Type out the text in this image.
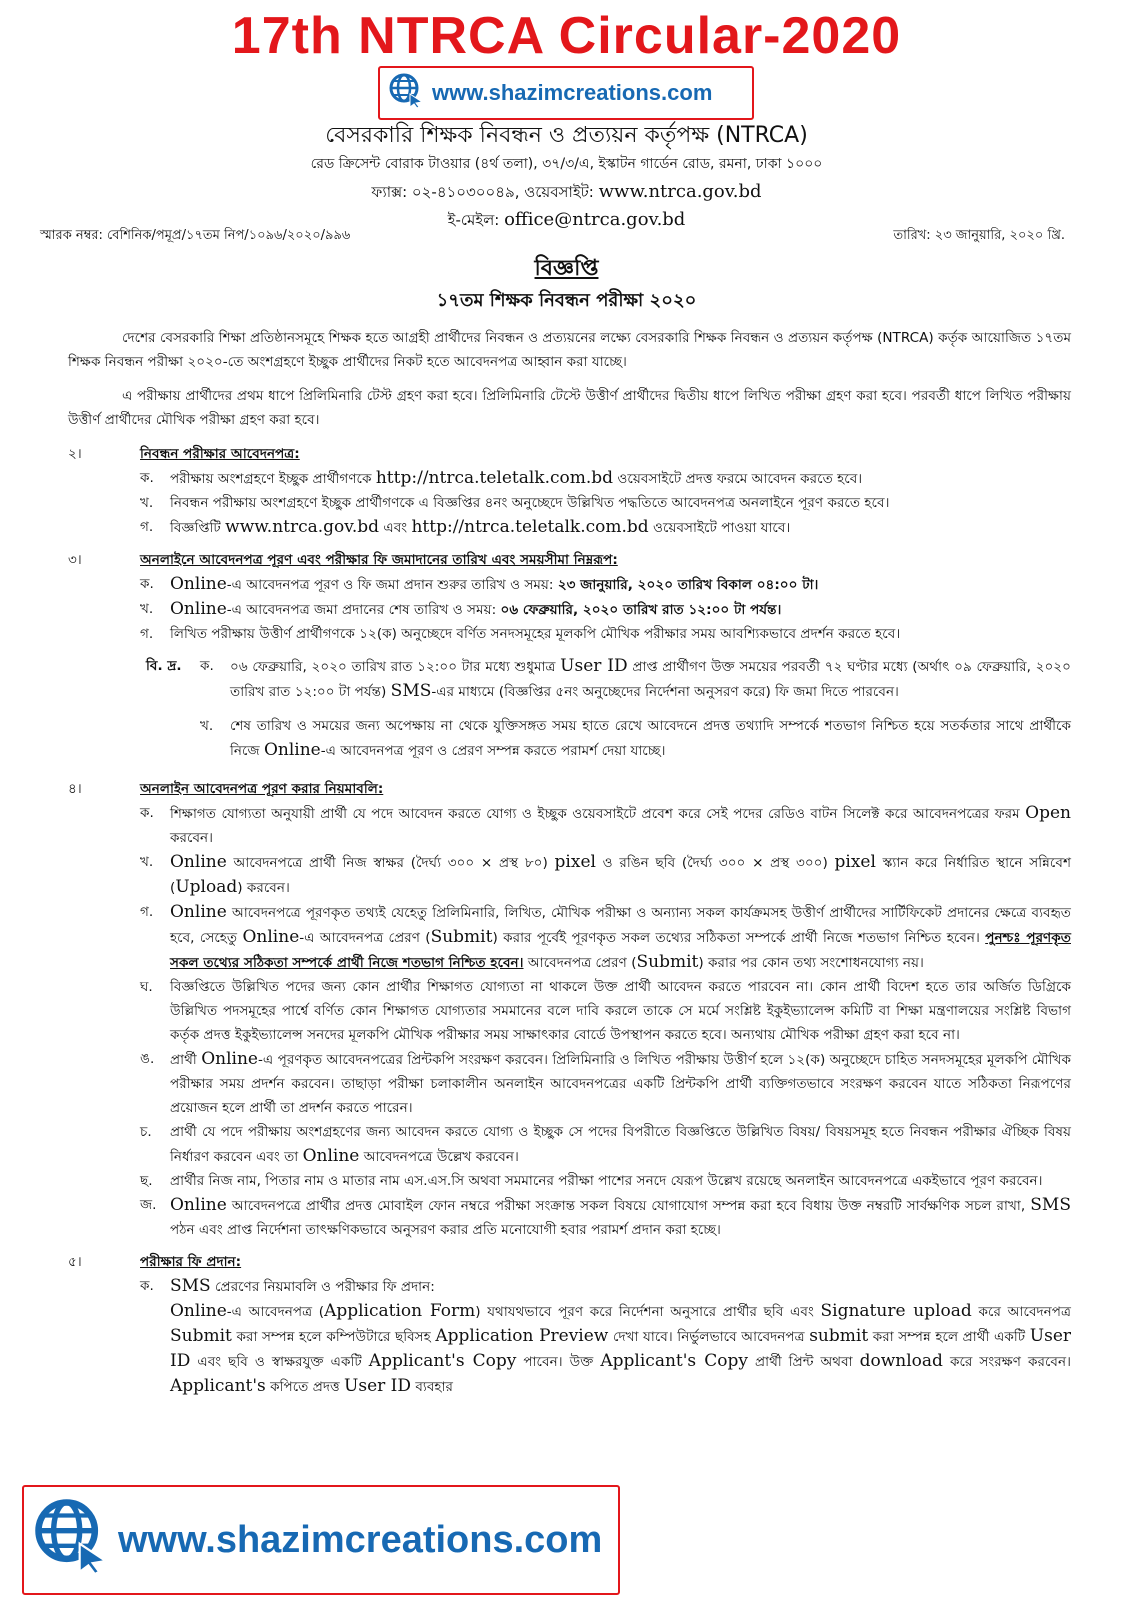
17th NTRCA Circular-2020
www.shazimcreations.com
বেসরকারি শিক্ষক নিবন্ধন ও প্রত্যয়ন কর্তৃপক্ষ (NTRCA)
রেড ক্রিসেন্ট বোরাক টাওয়ার (৪র্থ তলা), ৩৭/৩/এ, ইস্কাটন গার্ডেন রোড, রমনা, ঢাকা ১০০০
ফ্যাক্স: ০২-৪১০৩০০৪৯, ওয়েবসাইট: www.ntrca.gov.bd
ই-মেইল: office@ntrca.gov.bd
স্মারক নম্বর: বেশিনিক/পমূপ্র/১৭তম নিপ/১০৯৬/২০২০/৯৯৬	তারিখ: ২৩ জানুয়ারি, ২০২০ খ্রি.
বিজ্ঞপ্তি
১৭তম শিক্ষক নিবন্ধন পরীক্ষা ২০২০

দেশের বেসরকারি শিক্ষা প্রতিষ্ঠানসমূহে শিক্ষক হতে আগ্রহী প্রার্থীদের নিবন্ধন ও প্রত্যয়নের লক্ষ্যে বেসরকারি শিক্ষক নিবন্ধন ও প্রত্যয়ন কর্তৃপক্ষ (NTRCA) কর্তৃক আয়োজিত ১৭তম শিক্ষক নিবন্ধন পরীক্ষা ২০২০-তে অংশগ্রহণে ইচ্ছুক প্রার্থীদের নিকট হতে আবেদনপত্র আহ্বান করা যাচ্ছে।

এ পরীক্ষায় প্রার্থীদের প্রথম ধাপে প্রিলিমিনারি টেস্ট গ্রহণ করা হবে। প্রিলিমিনারি টেস্টে উত্তীর্ণ প্রার্থীদের দ্বিতীয় ধাপে লিখিত পরীক্ষা গ্রহণ করা হবে। পরবর্তী ধাপে লিখিত পরীক্ষায় উত্তীর্ণ প্রার্থীদের মৌখিক পরীক্ষা গ্রহণ করা হবে।

২।	নিবন্ধন পরীক্ষার আবেদনপত্র:
ক.	পরীক্ষায় অংশগ্রহণে ইচ্ছুক প্রার্থীগণকে http://ntrca.teletalk.com.bd ওয়েবসাইটে প্রদত্ত ফরমে আবেদন করতে হবে।
খ.	নিবন্ধন পরীক্ষায় অংশগ্রহণে ইচ্ছুক প্রার্থীগণকে এ বিজ্ঞপ্তির ৪নং অনুচ্ছেদে উল্লিখিত পদ্ধতিতে আবেদনপত্র অনলাইনে পূরণ করতে হবে।
গ.	বিজ্ঞপ্তিটি www.ntrca.gov.bd এবং http://ntrca.teletalk.com.bd ওয়েবসাইটে পাওয়া যাবে।
৩।	অনলাইনে আবেদনপত্র পূরণ এবং পরীক্ষার ফি জমাদানের তারিখ এবং সময়সীমা নিম্নরূপ:
ক. Online-এ আবেদনপত্র পূরণ ও ফি জমা প্রদান শুরুর তারিখ ও সময়: ২৩ জানুয়ারি, ২০২০ তারিখ বিকাল ০৪:০০ টা।
খ. Online-এ আবেদনপত্র জমা প্রদানের শেষ তারিখ ও সময়: ০৬ ফেব্রুয়ারি, ২০২০ তারিখ রাত ১২:০০ টা পর্যন্ত।
গ.	লিখিত পরীক্ষায় উত্তীর্ণ প্রার্থীগণকে ১২(ক) অনুচ্ছেদে বর্ণিত সনদসমূহের মূলকপি মৌখিক পরীক্ষার সময় আবশ্যিকভাবে প্রদর্শন করতে হবে।
বি. দ্র.	ক.	০৬ ফেব্রুয়ারি, ২০২০ তারিখ রাত ১২:০০ টার মধ্যে শুধুমাত্র User ID প্রাপ্ত প্রার্থীগণ উক্ত সময়ের পরবর্তী ৭২ ঘণ্টার মধ্যে (অর্থাৎ ০৯ ফেব্রুয়ারি, ২০২০ তারিখ রাত ১২:০০ টা পর্যন্ত) SMS-এর মাধ্যমে (বিজ্ঞপ্তির ৫নং অনুচ্ছেদের নির্দেশনা অনুসরণ করে) ফি জমা দিতে পারবেন।
খ.	শেষ তারিখ ও সময়ের জন্য অপেক্ষায় না থেকে যুক্তিসঙ্গত সময় হাতে রেখে আবেদনে প্রদত্ত তথ্যাদি সম্পর্কে শতভাগ নিশ্চিত হয়ে সতর্কতার সাথে প্রার্থীকে নিজে Online-এ আবেদনপত্র পূরণ ও প্রেরণ সম্পন্ন করতে পরামর্শ দেয়া যাচ্ছে।
৪।	অনলাইন আবেদনপত্র পূরণ করার নিয়মাবলি:
ক.	শিক্ষাগত যোগ্যতা অনুযায়ী প্রার্থী যে পদে আবেদন করতে যোগ্য ও ইচ্ছুক ওয়েবসাইটে প্রবেশ করে সেই পদের রেডিও বাটন সিলেক্ট করে আবেদনপত্রের ফরম Open করবেন।
খ. Online আবেদনপত্রে প্রার্থী নিজ স্বাক্ষর (দৈর্ঘ্য ৩০০ × প্রস্থ ৮০) pixel ও রঙিন ছবি (দৈর্ঘ্য ৩০০ × প্রস্থ ৩০০) pixel স্ক্যান করে নির্ধারিত স্থানে সন্নিবেশ (Upload) করবেন।
গ. Online আবেদনপত্রে পূরণকৃত তথ্যই যেহেতু প্রিলিমিনারি, লিখিত, মৌখিক পরীক্ষা ও অন্যান্য সকল কার্যক্রমসহ উত্তীর্ণ প্রার্থীদের সার্টিফিকেট প্রদানের ক্ষেত্রে ব্যবহৃত হবে, সেহেতু Online-এ আবেদনপত্র প্রেরণ (Submit) করার পূর্বেই পূরণকৃত সকল তথ্যের সঠিকতা সম্পর্কে প্রার্থী নিজে শতভাগ নিশ্চিত হবেন। পুনশ্চঃ পূরণকৃত সকল তথ্যের সঠিকতা সম্পর্কে প্রার্থী নিজে শতভাগ নিশ্চিত হবেন। আবেদনপত্র প্রেরণ (Submit) করার পর কোন তথ্য সংশোধনযোগ্য নয়।
ঘ.	বিজ্ঞপ্তিতে উল্লিখিত পদের জন্য কোন প্রার্থীর শিক্ষাগত যোগ্যতা না থাকলে উক্ত প্রার্থী আবেদন করতে পারবেন না। কোন প্রার্থী বিদেশ হতে তার অর্জিত ডিগ্রিকে উল্লিখিত পদসমূহের পার্শ্বে বর্ণিত কোন শিক্ষাগত যোগ্যতার সমমানের বলে দাবি করলে তাকে সে মর্মে সংশ্লিষ্ট ইকুইভ্যালেন্স কমিটি বা শিক্ষা মন্ত্রণালয়ের সংশ্লিষ্ট বিভাগ কর্তৃক প্রদত্ত ইকুইভ্যালেন্স সনদের মূলকপি মৌখিক পরীক্ষার সময় সাক্ষাৎকার বোর্ডে উপস্থাপন করতে হবে। অন্যথায় মৌখিক পরীক্ষা গ্রহণ করা হবে না।
ঙ.	প্রার্থী Online-এ পূরণকৃত আবেদনপত্রের প্রিন্টকপি সংরক্ষণ করবেন। প্রিলিমিনারি ও লিখিত পরীক্ষায় উত্তীর্ণ হলে ১২(ক) অনুচ্ছেদে চাহিত সনদসমূহের মূলকপি মৌখিক পরীক্ষার সময় প্রদর্শন করবেন। তাছাড়া পরীক্ষা চলাকালীন অনলাইন আবেদনপত্রের একটি প্রিন্টকপি প্রার্থী ব্যক্তিগতভাবে সংরক্ষণ করবেন যাতে সঠিকতা নিরূপণের প্রয়োজন হলে প্রার্থী তা প্রদর্শন করতে পারেন।
চ.	প্রার্থী যে পদে পরীক্ষায় অংশগ্রহণের জন্য আবেদন করতে যোগ্য ও ইচ্ছুক সে পদের বিপরীতে বিজ্ঞপ্তিতে উল্লিখিত বিষয়/ বিষয়সমূহ হতে নিবন্ধন পরীক্ষার ঐচ্ছিক বিষয় নির্ধারণ করবেন এবং তা Online আবেদনপত্রে উল্লেখ করবেন।
ছ.	প্রার্থীর নিজ নাম, পিতার নাম ও মাতার নাম এস.এস.সি অথবা সমমানের পরীক্ষা পাশের সনদে যেরূপ উল্লেখ রয়েছে অনলাইন আবেদনপত্রে একইভাবে পূরণ করবেন।
জ. Online আবেদনপত্রে প্রার্থীর প্রদত্ত মোবাইল ফোন নম্বরে পরীক্ষা সংক্রান্ত সকল বিষয়ে যোগাযোগ সম্পন্ন করা হবে বিধায় উক্ত নম্বরটি সার্বক্ষণিক সচল রাখা, SMS পঠন এবং প্রাপ্ত নির্দেশনা তাৎক্ষণিকভাবে অনুসরণ করার প্রতি মনোযোগী হবার পরামর্শ প্রদান করা হচ্ছে।
৫।	পরীক্ষার ফি প্রদান:
ক. SMS প্রেরণের নিয়মাবলি ও পরীক্ষার ফি প্রদান:
Online-এ আবেদনপত্র (Application Form) যথাযথভাবে পূরণ করে নির্দেশনা অনুসারে প্রার্থীর ছবি এবং Signature upload করে আবেদনপত্র Submit করা সম্পন্ন হলে কম্পিউটারে ছবিসহ Application Preview দেখা যাবে। নির্ভুলভাবে আবেদনপত্র submit করা সম্পন্ন হলে প্রার্থী একটি User ID এবং ছবি ও স্বাক্ষরযুক্ত একটি Applicant's Copy পাবেন। উক্ত Applicant's Copy প্রার্থী প্রিন্ট অথবা download করে সংরক্ষণ করবেন। Applicant's কপিতে প্রদত্ত User ID ব্যবহার
www.shazimcreations.com
